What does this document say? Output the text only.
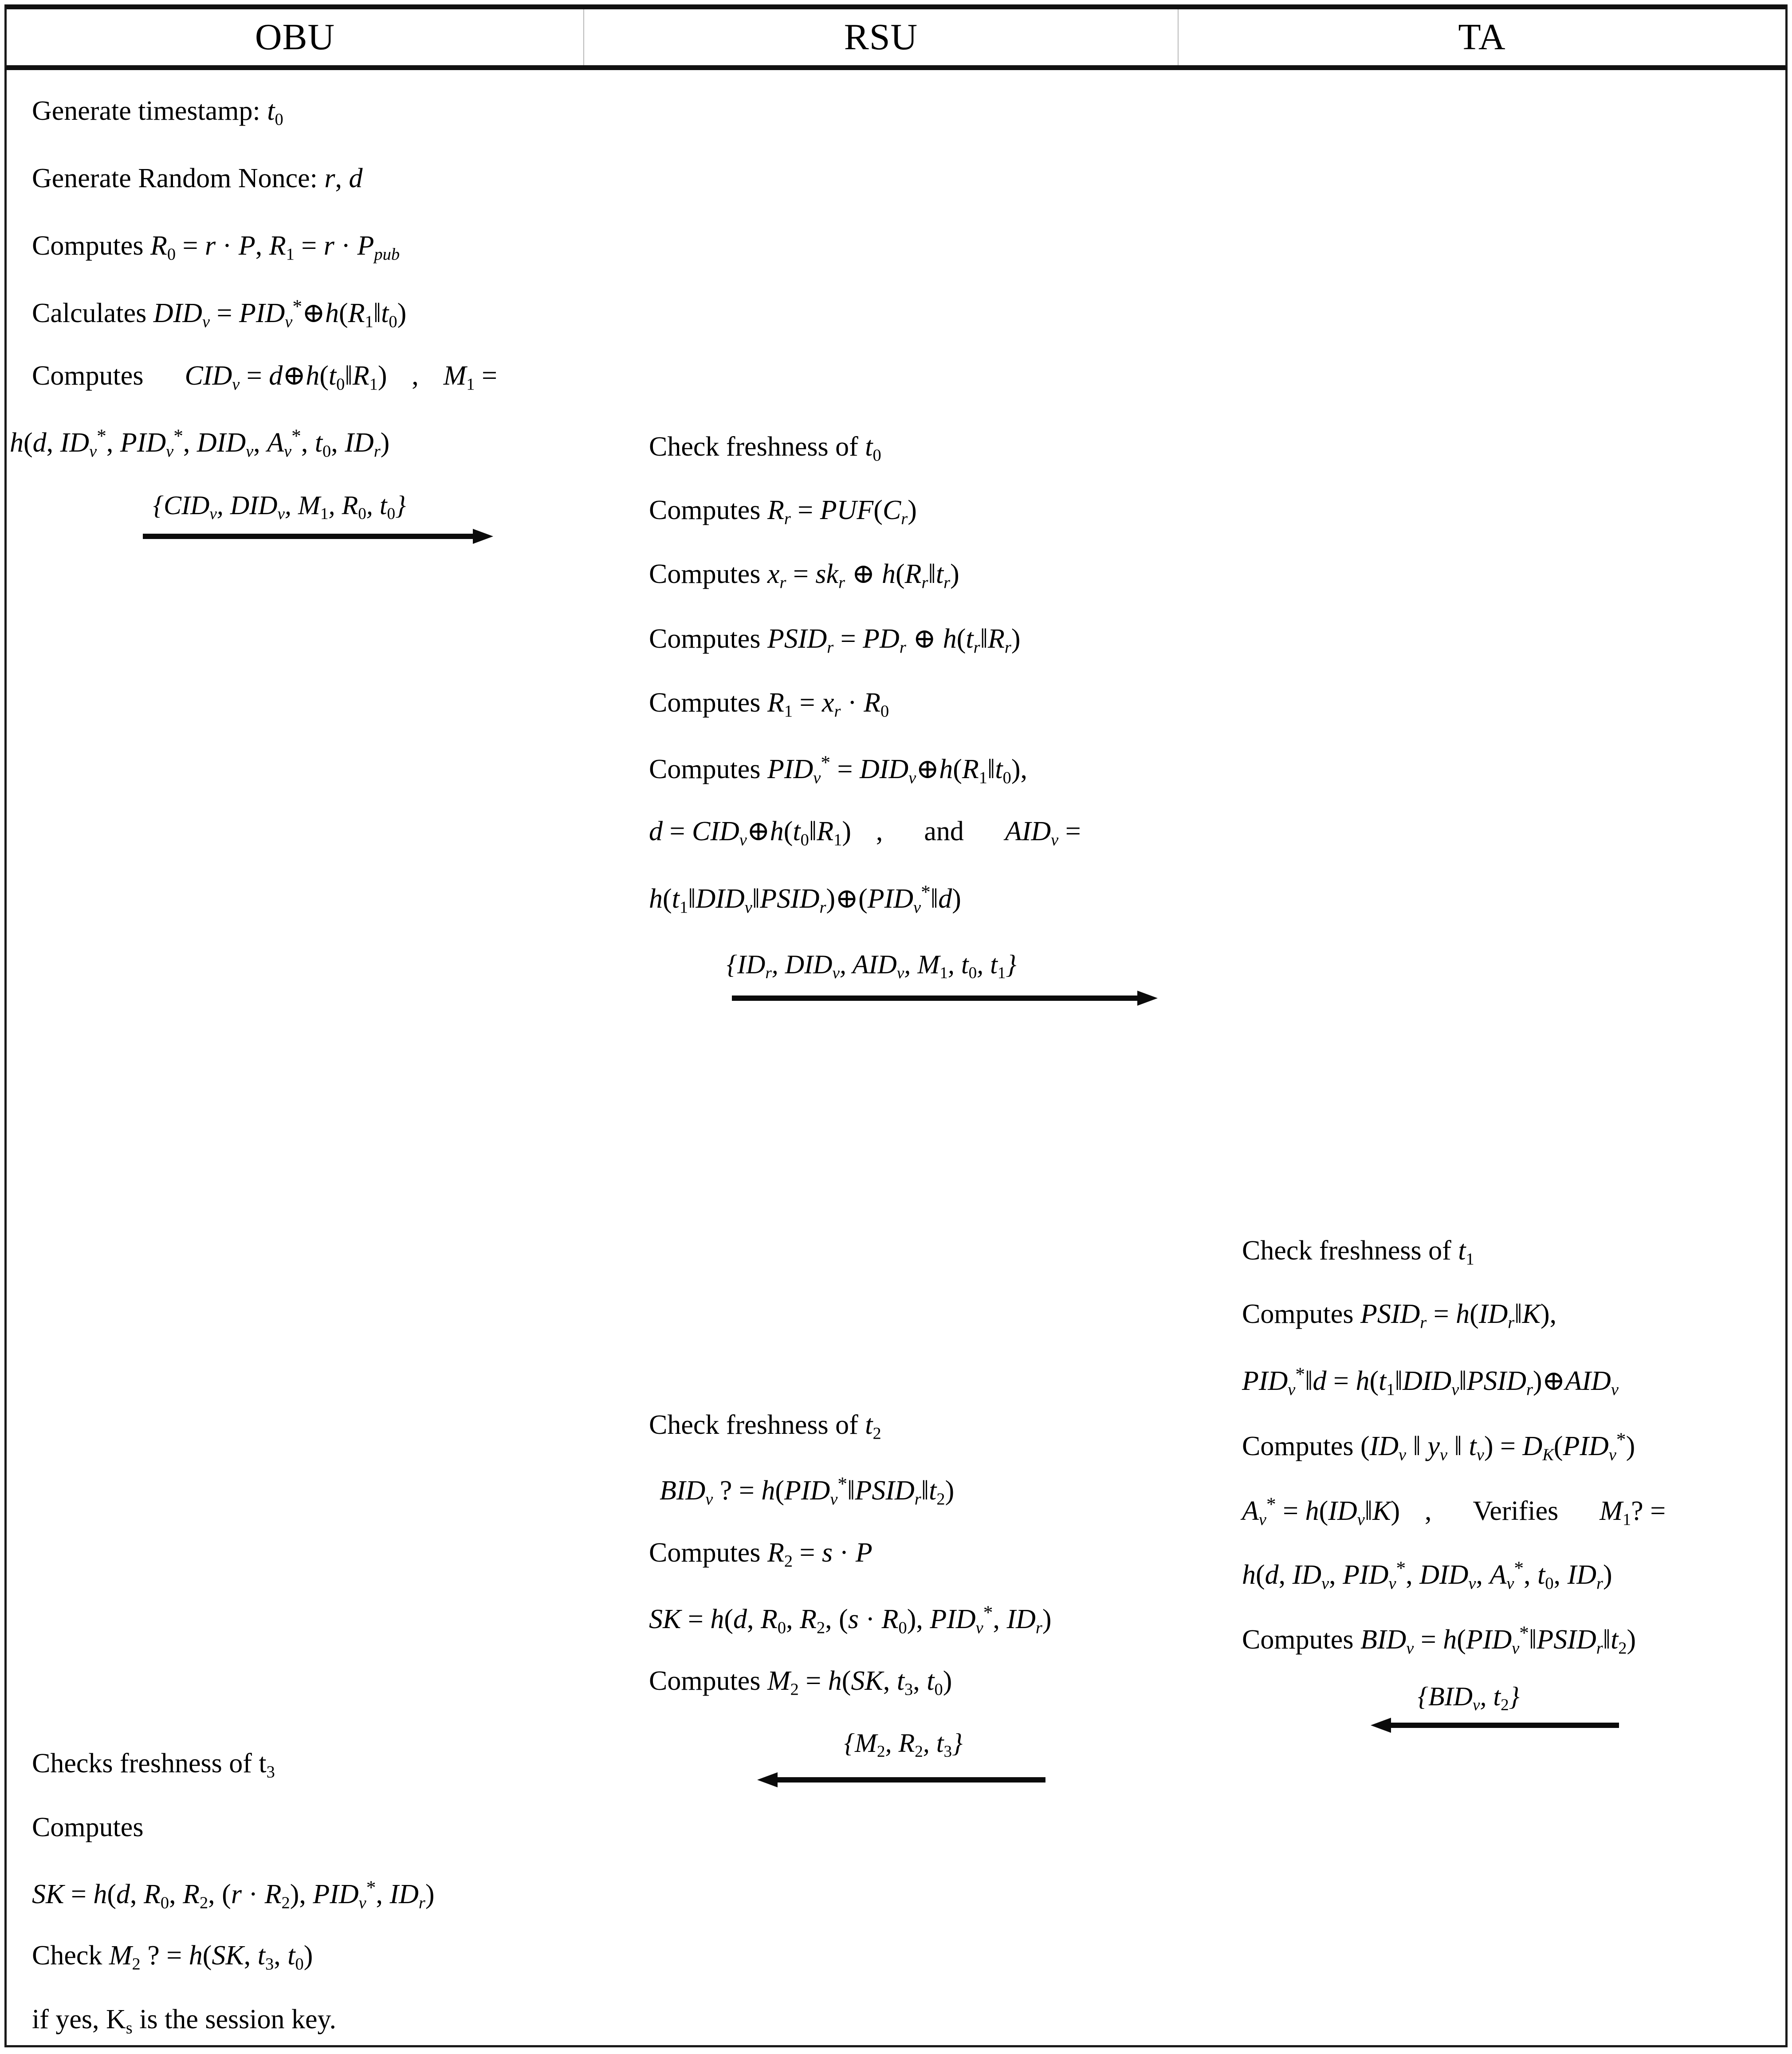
OBU	RSU	TA
Generate timestamp: t0
Generate Random Nonce: r, d
Computes R0 = r · P, $R1 = r \cdot P_{pub}$
Calculates $DID_v$ = $PID_v^*\oplus h(R1‖t0)$
Computes $CID_v$ = d⊕h(t0‖R1) , M1 =
h(d, $ID_v^*$, $PID_v^*$, $DID_v$, $A_v^*$, t0, $ID_r$)
{$CID_v$, $DID_v$, M1, R0, t0}
Check freshness of t0
Computes $R_r = PUF(C_r)$
Computes $x_r = sk_r$ ⊕ $h(R_r‖t_r)$
Computes $PSID_r = PD_r$ ⊕ $h(t_r‖R_r)$
Computes $R1 = x_r \cdot R0$
Computes $PID_v^*$ = $DID_v\oplus h(R1‖t0)$,
$d = CID_v\oplus h(t0‖R1)$ , and $AID_v$ =
$h(t1‖DID_v‖PSID_r)\oplus(PID_v^*‖d)$
{$ID_r$, $DID_v$, $AID_v$, M1, t0, t1}
Check freshness of t1
Computes $PSID_r$ = $h(ID_r‖K)$,
$PID_v^*‖d$ = $h(t1‖DID_v‖PSID_r)\oplus AID_v$
Computes ($ID_v$ ‖ $y_v$ ‖ $t_v) = D_K(PID_v^*)$
$A_v^*$ = $h(ID_v‖K)$ , Verifies M1? =
h(d, $ID_v$, $PID_v^*$, $DID_v$, $A_v^*$, t0, $ID_r$)
Computes $BID_v$ = $h(PID_v^*‖PSID_r‖t2)$
{$BID_v$, t2}
Check freshness of t2
$BID_v$ ? = $h(PID_v^*‖PSID_r‖t2)$
Computes R2 = s · P
SK = h(d, R0, R2, (s · R0), $PID_v^*$, $ID_r$)
Computes M2 = h(SK, t3, t0)
{M2, R2, t3}
Checks freshness of t3
Computes
SK = h(d, R0, R2, (r · R2), $PID_v^*$, $ID_r$)
Check M2 ? = h(SK, t3, t0)
if yes, Ks is the session key.
